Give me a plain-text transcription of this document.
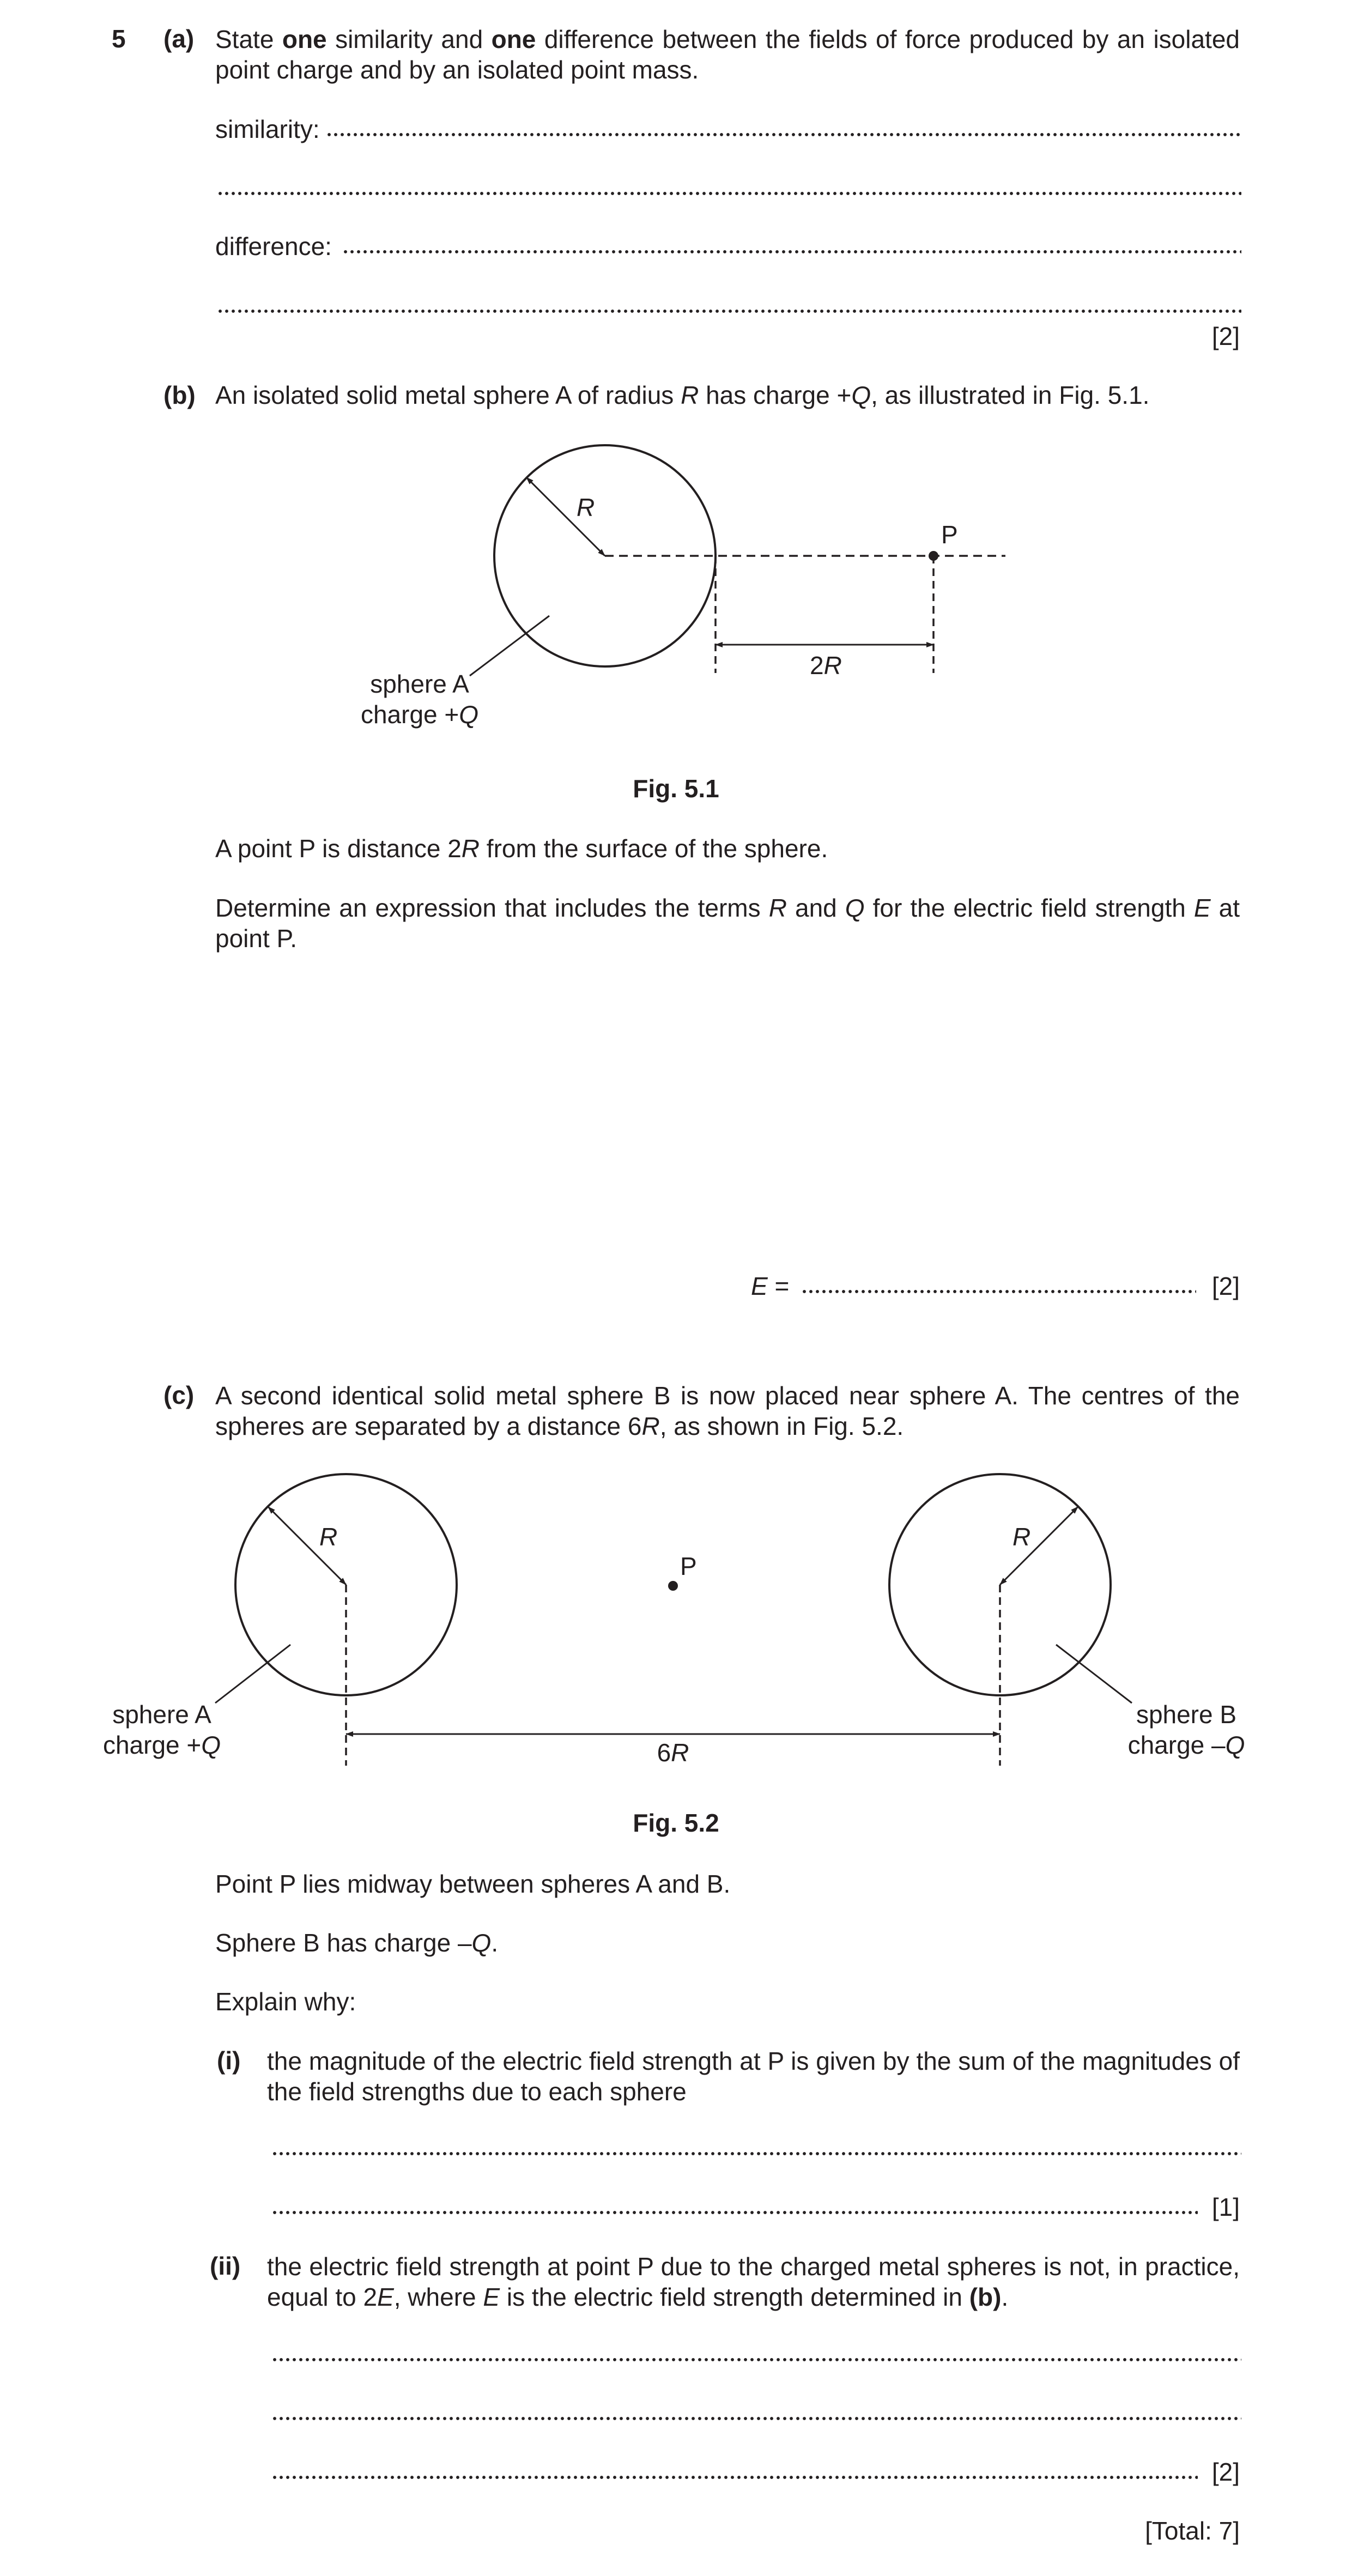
5 (a) State one similarity and one difference between the fields of force produced by an isolated point charge and by an isolated point mass.
similarity:
difference:
[2]
(b) An isolated solid metal sphere A of radius R has charge +Q, as illustrated in Fig. 5.1.
R
P
2R
sphere A
charge +Q
Fig. 5.1
A point P is distance 2R from the surface of the sphere.
Determine an expression that includes the terms R and Q for the electric field strength E at point P.
E =	[2]
(c) A second identical solid metal sphere B is now placed near sphere A. The centres of the spheres are separated by a distance 6R, as shown in Fig. 5.2.
R
sphere A
charge +Q
P
R
sphere B
charge –Q
6R
Fig. 5.2
Point P lies midway between spheres A and B.
Sphere B has charge –Q.
Explain why:
(i) the magnitude of the electric field strength at P is given by the sum of the magnitudes of the field strengths due to each sphere
[1]
(ii) the electric field strength at point P due to the charged metal spheres is not, in practice, equal to 2E, where E is the electric field strength determined in (b).
[2]
[Total: 7]
